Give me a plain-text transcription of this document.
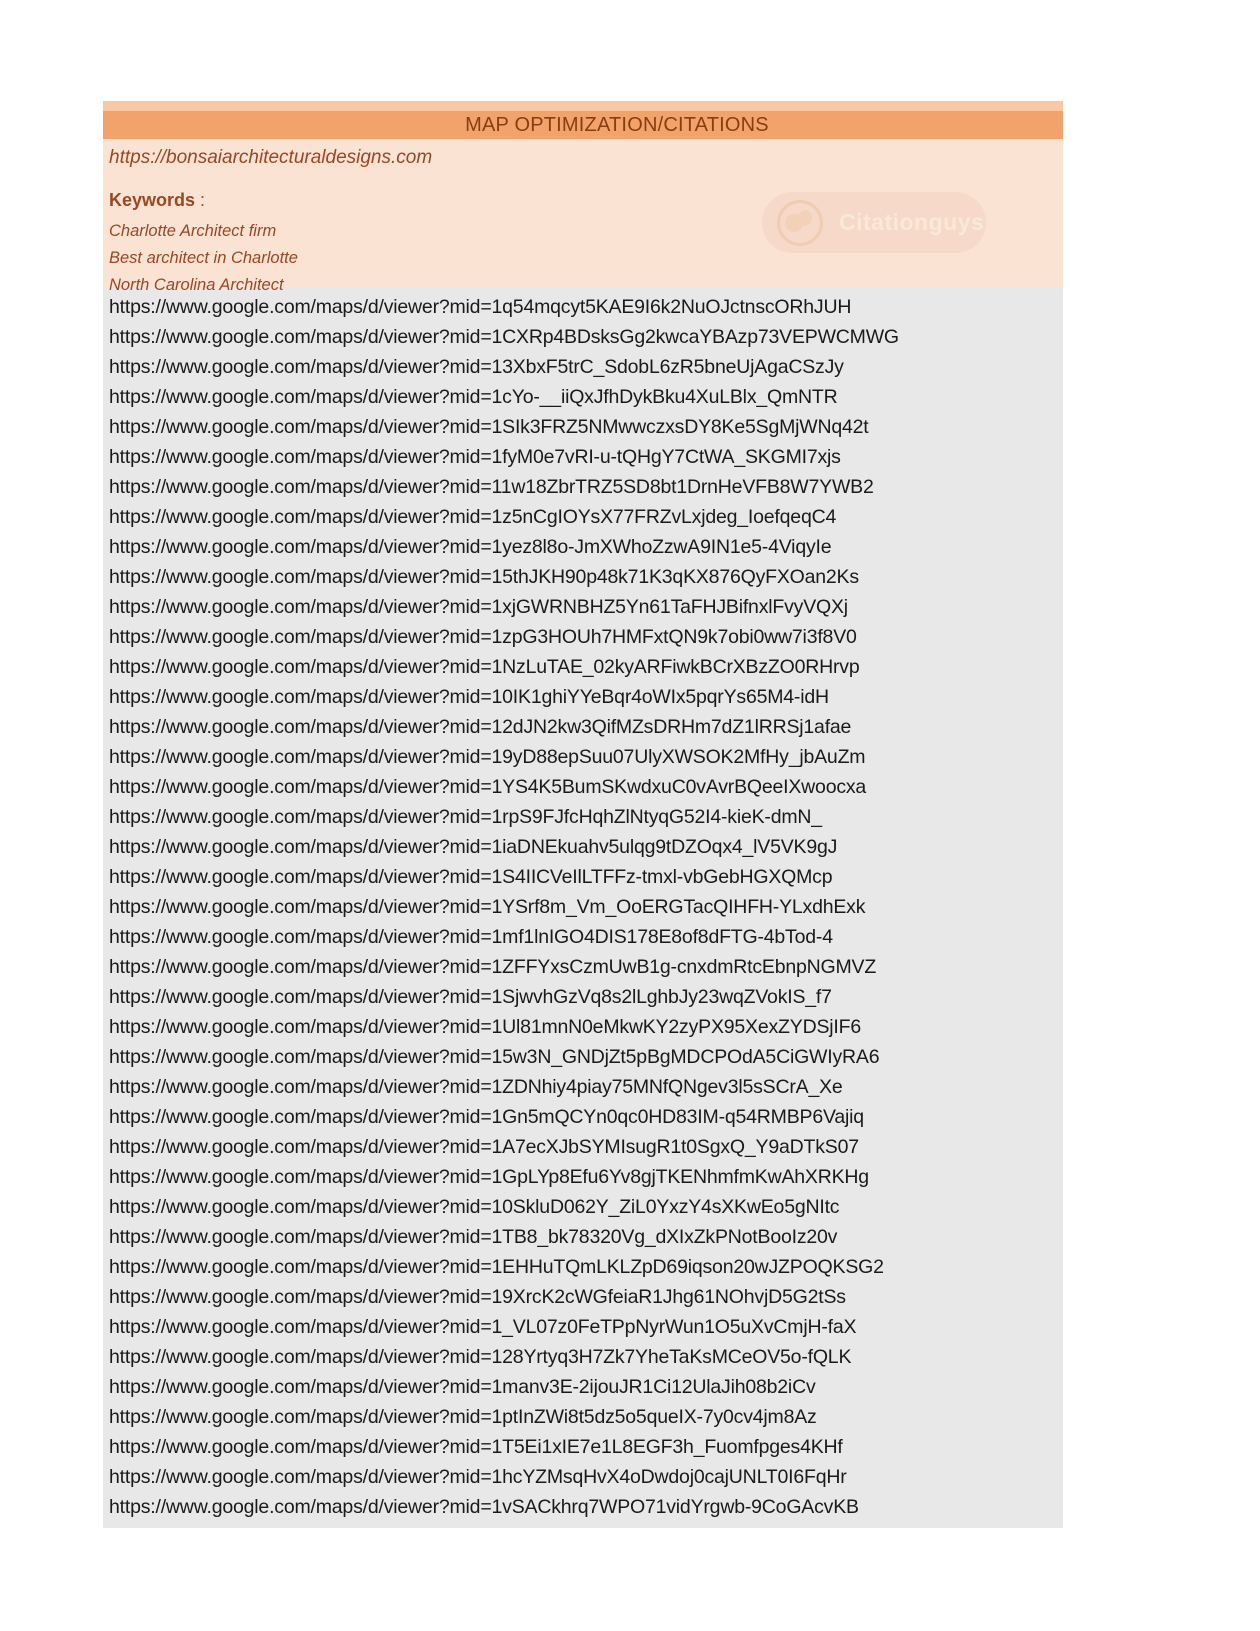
MAP OPTIMIZATION/CITATIONS
https://bonsaiarchitecturaldesigns.com
Keywords :
Charlotte Architect firm
Best architect in Charlotte
North Carolina Architect
Citationguys
https://www.google.com/maps/d/viewer?mid=1q54mqcyt5KAE9I6k2NuOJctnscORhJUH
https://www.google.com/maps/d/viewer?mid=1CXRp4BDsksGg2kwcaYBAzp73VEPWCMWG
https://www.google.com/maps/d/viewer?mid=13XbxF5trC_SdobL6zR5bneUjAgaCSzJy
https://www.google.com/maps/d/viewer?mid=1cYo-__iiQxJfhDykBku4XuLBlx_QmNTR
https://www.google.com/maps/d/viewer?mid=1SIk3FRZ5NMwwczxsDY8Ke5SgMjWNq42t
https://www.google.com/maps/d/viewer?mid=1fyM0e7vRI-u-tQHgY7CtWA_SKGMI7xjs
https://www.google.com/maps/d/viewer?mid=11w18ZbrTRZ5SD8bt1DrnHeVFB8W7YWB2
https://www.google.com/maps/d/viewer?mid=1z5nCgIOYsX77FRZvLxjdeg_IoefqeqC4
https://www.google.com/maps/d/viewer?mid=1yez8l8o-JmXWhoZzwA9IN1e5-4ViqyIe
https://www.google.com/maps/d/viewer?mid=15thJKH90p48k71K3qKX876QyFXOan2Ks
https://www.google.com/maps/d/viewer?mid=1xjGWRNBHZ5Yn61TaFHJBifnxlFvyVQXj
https://www.google.com/maps/d/viewer?mid=1zpG3HOUh7HMFxtQN9k7obi0ww7i3f8V0
https://www.google.com/maps/d/viewer?mid=1NzLuTAE_02kyARFiwkBCrXBzZO0RHrvp
https://www.google.com/maps/d/viewer?mid=10IK1ghiYYeBqr4oWIx5pqrYs65M4-idH
https://www.google.com/maps/d/viewer?mid=12dJN2kw3QifMZsDRHm7dZ1lRRSj1afae
https://www.google.com/maps/d/viewer?mid=19yD88epSuu07UlyXWSOK2MfHy_jbAuZm
https://www.google.com/maps/d/viewer?mid=1YS4K5BumSKwdxuC0vAvrBQeeIXwoocxa
https://www.google.com/maps/d/viewer?mid=1rpS9FJfcHqhZlNtyqG52I4-kieK-dmN_
https://www.google.com/maps/d/viewer?mid=1iaDNEkuahv5ulqg9tDZOqx4_lV5VK9gJ
https://www.google.com/maps/d/viewer?mid=1S4IICVeIlLTFFz-tmxl-vbGebHGXQMcp
https://www.google.com/maps/d/viewer?mid=1YSrf8m_Vm_OoERGTacQIHFH-YLxdhExk
https://www.google.com/maps/d/viewer?mid=1mf1lnIGO4DIS178E8of8dFTG-4bTod-4
https://www.google.com/maps/d/viewer?mid=1ZFFYxsCzmUwB1g-cnxdmRtcEbnpNGMVZ
https://www.google.com/maps/d/viewer?mid=1SjwvhGzVq8s2lLghbJy23wqZVokIS_f7
https://www.google.com/maps/d/viewer?mid=1Ul81mnN0eMkwKY2zyPX95XexZYDSjIF6
https://www.google.com/maps/d/viewer?mid=15w3N_GNDjZt5pBgMDCPOdA5CiGWIyRA6
https://www.google.com/maps/d/viewer?mid=1ZDNhiy4piay75MNfQNgev3l5sSCrA_Xe
https://www.google.com/maps/d/viewer?mid=1Gn5mQCYn0qc0HD83IM-q54RMBP6Vajiq
https://www.google.com/maps/d/viewer?mid=1A7ecXJbSYMIsugR1t0SgxQ_Y9aDTkS07
https://www.google.com/maps/d/viewer?mid=1GpLYp8Efu6Yv8gjTKENhmfmKwAhXRKHg
https://www.google.com/maps/d/viewer?mid=10SkluD062Y_ZiL0YxzY4sXKwEo5gNItc
https://www.google.com/maps/d/viewer?mid=1TB8_bk78320Vg_dXIxZkPNotBooIz20v
https://www.google.com/maps/d/viewer?mid=1EHHuTQmLKLZpD69iqson20wJZPOQKSG2
https://www.google.com/maps/d/viewer?mid=19XrcK2cWGfeiaR1Jhg61NOhvjD5G2tSs
https://www.google.com/maps/d/viewer?mid=1_VL07z0FeTPpNyrWun1O5uXvCmjH-faX
https://www.google.com/maps/d/viewer?mid=128Yrtyq3H7Zk7YheTaKsMCeOV5o-fQLK
https://www.google.com/maps/d/viewer?mid=1manv3E-2ijouJR1Ci12UlaJih08b2iCv
https://www.google.com/maps/d/viewer?mid=1ptInZWi8t5dz5o5queIX-7y0cv4jm8Az
https://www.google.com/maps/d/viewer?mid=1T5Ei1xIE7e1L8EGF3h_Fuomfpges4KHf
https://www.google.com/maps/d/viewer?mid=1hcYZMsqHvX4oDwdoj0cajUNLT0I6FqHr
https://www.google.com/maps/d/viewer?mid=1vSACkhrq7WPO71vidYrgwb-9CoGAcvKB
